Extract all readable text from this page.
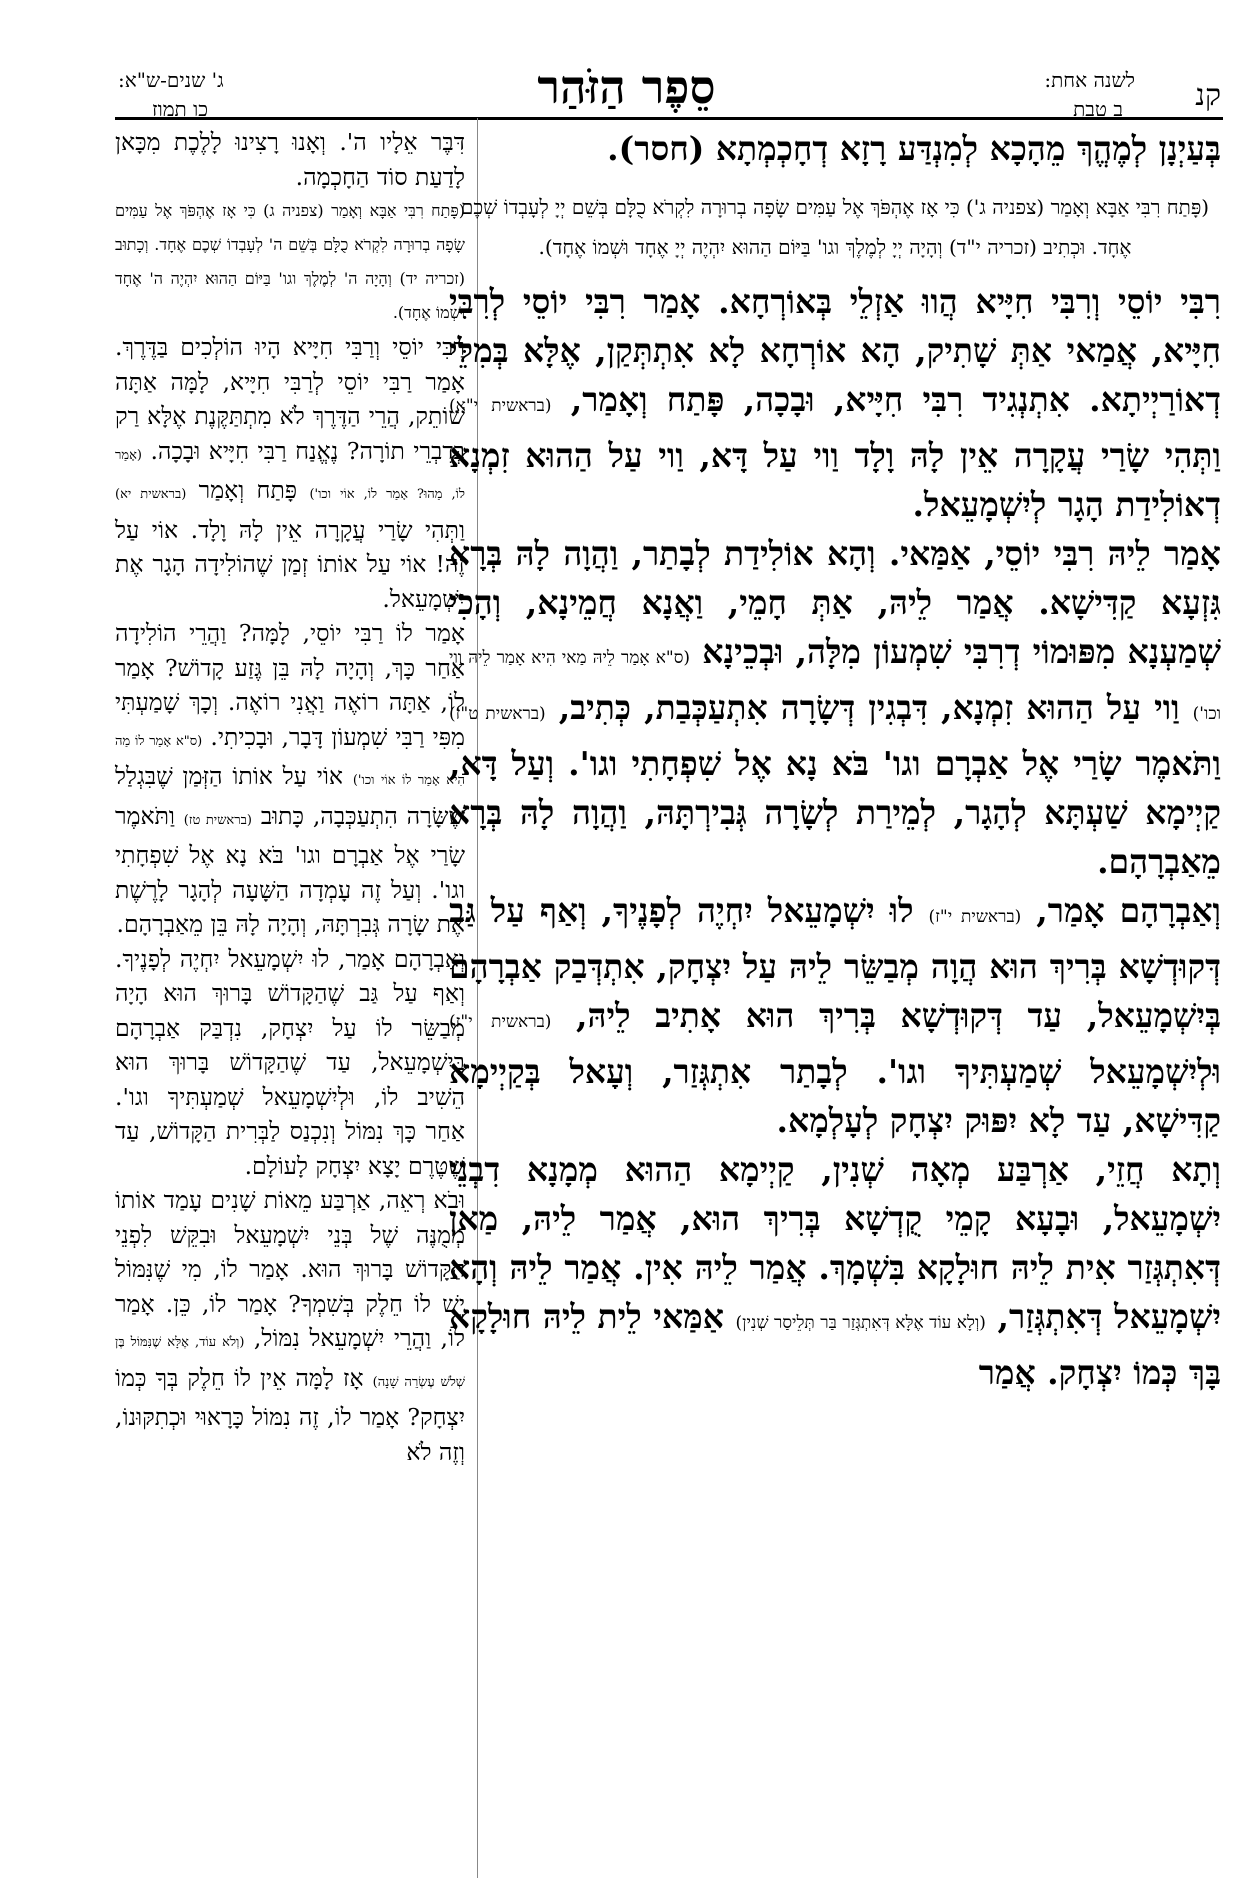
קנ
לשנה אחת:
ב טבת
סֵפֶר הַזֹּהַר
ג' שנים-ש"א:
כו תמוז

בְּעַיְנָן לְמֶהֱךְ מֵהָכָא לְמִנְדַּע רָזָא דְחָכְמְתָא (חסר).

(פָּתַח רִבִּי אַבָּא וְאָמַר (צפניה ג') כִּי אָז אֶהְפֹּךְ אֶל עַמִּים שָׂפָה בְרוּרָה לִקְרֹא כֻלָּם בְּשֵׁם יְיָ לְעָבְדוֹ שְׁכֶם אֶחָד. וּכְתִיב (זכריה י"ד) וְהָיָה יְיָ לְמֶלֶךְ וגו' בַּיּוֹם הַהוּא יִהְיֶה יְיָ אֶחָד וּשְׁמוֹ אֶחָד).

רִבִּי יוֹסֵי וְרִבִּי חִיָּיא הֲווּ אַזְלֵי בְּאוֹרְחָא. אָמַר רִבִּי יוֹסֵי לְרִבִּי חִיָּיא, אֲמַאי אַתְּ שָׁתִיק, הָא אוֹרְחָא לָא אִתְתְּקַן, אֶלָּא בְּמִלֵּי דְאוֹרַיְיתָא. אִתְנְגִיד רִבִּי חִיָּיא, וּבָכָה, פָּתַח וְאָמַר, (בראשית י"א) וַתְּהִי שָׂרַי עֲקָרָה אֵין לָהּ וָלָד וַוי עַל דָּא, וַוי עַל הַהוּא זִמְנָא דְאוֹלִידַת הָגָר לְיִשְׁמָעֵאל.

אָמַר לֵיהּ רִבִּי יוֹסֵי, אַמַּאי. וְהָא אוֹלִידַת לְבָתַר, וַהֲוָה לָהּ בְּרָא גִּזְעָא קַדִּישָׁא. אֲמַר לֵיהּ, אַתְּ חָמֵי, וַאֲנָא חֲמֵינָא, וְהָכִי שְׁמַעְנָא מִפּוּמוֹי דְרִבִּי שִׁמְעוֹן מִלָּה, וּבְכֵינָא (ס"א אָמַר לֵיהּ מַאי הִיא אָמַר לֵיהּ וַוי וכו') וַוי עַל הַהוּא זִמְנָא, דִּבְגִין דְּשָׂרָה אִתְעַכְּבַת, כְּתִיב, (בראשית ט"ז) וַתֹּאמֶר שָׂרַי אֶל אַבְרָם וגו' בֹּא נָא אֶל שִׁפְחָתִי וגו'. וְעַל דָּא, קַיְימָא שַׁעְתָּא לְהָגָר, לְמֵירַת לְשָׂרָה גְּבִירְתָּהּ, וַהֲוָה לָהּ בְּרָא מֵאַבְרָהָם.

וְאַבְרָהָם אָמַר, (בראשית י"ז) לוּ יִשְׁמָעֵאל יִחְיֶה לְפָנֶיךָ, וְאַף עַל גַּב דְּקוּדְשָׁא בְּרִיךְ הוּא הֲוָה מְבַשֵּׂר לֵיהּ עַל יִצְחָק, אִתְדְּבַק אַבְרָהָם בְּיִשְׁמָעֵאל, עַד דְּקוּדְשָׁא בְּרִיךְ הוּא אָתִיב לֵיהּ, (בראשית י"ז) וּלְיִשְׁמָעֵאל שְׁמַעְתִּיךָ וגו'. לְבָתַר אִתְגְּזַר, וְעָאל בְּקַיְימָא קַדִּישָׁא, עַד לָא יִפּוּק יִצְחָק לְעָלְמָא.

וְתָא חֲזֵי, אַרְבַּע מְאָה שְׁנִין, קַיְימָא הַהוּא מְמָנָא דִבְנֵי יִשְׁמָעֵאל, וּבָעָא קָמֵי קֻדְשָׁא בְּרִיךְ הוּא, אֲמַר לֵיהּ, מַאן דְּאִתְגְּזַר אִית לֵיהּ חוּלָקָא בִּשְׁמָךְ. אֲמַר לֵיהּ אִין. אֲמַר לֵיהּ וְהָא יִשְׁמָעֵאל דְּאִתְגְּזַר, (וְלָא עוֹד אֶלָּא דְּאִתְגְּזַר בַּר תְּלֵיסַר שְׁנִין) אַמַּאי לֵית לֵיהּ חוּלָקָא בָּךְ כְּמוֹ יִצְחָק. אֲמַר

דִּבֶּר אֵלָיו ה'. וְאָנוּ רָצִינוּ לָלֶכֶת מִכָּאן לָדַעַת סוֹד הַחָכְמָה.

(פָּתַח רִבִּי אַבָּא וְאָמַר (צפניה ג) כִּי אָז אֶהְפֹּךְ אֶל עַמִּים שָׂפָה בְרוּרָה לִקְרֹא כֻלָּם בְּשֵׁם ה' לְעָבְדוֹ שְׁכֶם אֶחָד. וְכָתוּב (זכריה יד) וְהָיָה ה' לְמֶלֶךְ וגו' בַּיּוֹם הַהוּא יִהְיֶה ה' אֶחָד וּשְׁמוֹ אֶחָד).

רַבִּי יוֹסֵי וְרַבִּי חִיָּיא הָיוּ הוֹלְכִים בַּדֶּרֶךְ. אָמַר רַבִּי יוֹסֵי לְרַבִּי חִיָּיא, לָמָּה אַתָּה שׁוֹתֵק, הֲרֵי הַדֶּרֶךְ לֹא מִתְתַּקֶּנֶת אֶלָּא רַק בְּדִבְרֵי תוֹרָה? נֶאֱנַח רַבִּי חִיָּיא וּבָכָה. (אָמַר לוֹ, מַהוּ? אָמַר לוֹ, אוֹי וכו') פָּתַח וְאָמַר (בראשית יא) וַתְּהִי שָׂרַי עֲקָרָה אֵין לָהּ וָלָד. אוֹי עַל זֶה! אוֹי עַל אוֹתוֹ זְמַן שֶׁהוֹלִידָה הָגָר אֶת יִשְׁמָעֵאל.

אָמַר לוֹ רַבִּי יוֹסֵי, לָמָּה? וַהֲרֵי הוֹלִידָה אַחַר כָּךְ, וְהָיָה לָהּ בֵּן גֶּזַע קָדוֹשׁ? אָמַר לוֹ, אַתָּה רוֹאֶה וַאֲנִי רוֹאֶה. וְכָךְ שָׁמַעְתִּי מִפִּי רַבִּי שִׁמְעוֹן דָּבָר, וּבָכִיתִי. (ס"א אָמַר לוֹ מַה הִיא אָמַר לוֹ אוֹי וכו') אוֹי עַל אוֹתוֹ הַזְּמַן שֶׁבִּגְלַל שֶׁשָּׂרָה הִתְעַכְּבָה, כָּתוּב (בראשית טז) וַתֹּאמֶר שָׂרַי אֶל אַבְרָם וגו' בֹּא נָא אֶל שִׁפְחָתִי וגו'. וְעַל זֶה עָמְדָה הַשָּׁעָה לְהָגָר לָרֶשֶׁת אֶת שָׂרָה גְּבִרְתָּהּ, וְהָיָה לָהּ בֵּן מֵאַבְרָהָם.

וְאַבְרָהָם אָמַר, לוּ יִשְׁמָעֵאל יִחְיֶה לְפָנֶיךָ. וְאַף עַל גַּב שֶׁהַקָּדוֹשׁ בָּרוּךְ הוּא הָיָה מְבַשֵּׂר לוֹ עַל יִצְחָק, נִדְבַּק אַבְרָהָם בְּיִשְׁמָעֵאל, עַד שֶׁהַקָּדוֹשׁ בָּרוּךְ הוּא הֵשִׁיב לוֹ, וּלְיִשְׁמָעֵאל שְׁמַעְתִּיךָ וגו'. אַחַר כָּךְ נִמּוֹל וְנִכְנַס לַבְּרִית הַקָּדוֹשׁ, עַד שֶׁטֶּרֶם יָצָא יִצְחָק לָעוֹלָם.

וּבֹא רְאֵה, אַרְבַּע מֵאוֹת שָׁנִים עָמַד אוֹתוֹ מְמֻנֶּה שֶׁל בְּנֵי יִשְׁמָעֵאל וּבִקֵּשׁ לִפְנֵי הַקָּדוֹשׁ בָּרוּךְ הוּא. אָמַר לוֹ, מִי שֶׁנִּמּוֹל יֵשׁ לוֹ חֵלֶק בְּשִׁמְךָ? אָמַר לוֹ, כֵּן. אָמַר לוֹ, וַהֲרֵי יִשְׁמָעֵאל נִמּוֹל, (וְלֹא עוֹד, אֶלָּא שֶׁנִּמּוֹל בֶּן שְׁלֹשׁ עֶשְׂרֵה שָׁנָה) אָז לָמָּה אֵין לוֹ חֵלֶק בְּךָ כְּמוֹ יִצְחָק? אָמַר לוֹ, זֶה נִמּוֹל כָּרָאוּי וּכְתִקּוּנוֹ, וְזֶה לֹא
